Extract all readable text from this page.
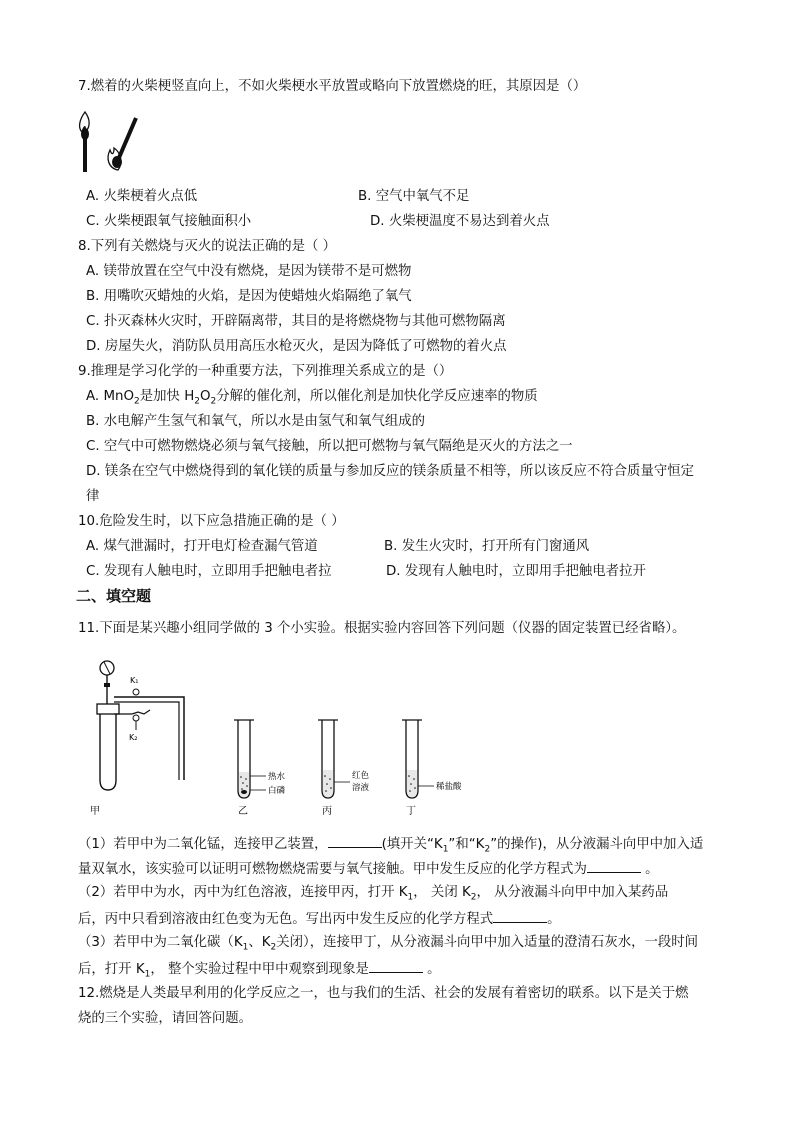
7.燃着的火柴梗竖直向上，不如火柴梗水平放置或略向下放置燃烧的旺，其原因是（）
A. 火柴梗着火点低	B. 空气中氧气不足
C. 火柴梗跟氧气接触面积小	D. 火柴梗温度不易达到着火点
8.下列有关燃烧与灭火的说法正确的是（ ）
A. 镁带放置在空气中没有燃烧，是因为镁带不是可燃物
B. 用嘴吹灭蜡烛的火焰，是因为使蜡烛火焰隔绝了氧气
C. 扑灭森林火灾时，开辟隔离带，其目的是将燃烧物与其他可燃物隔离
D. 房屋失火，消防队员用高压水枪灭火，是因为降低了可燃物的着火点
9.推理是学习化学的一种重要方法，下列推理关系成立的是（）
A. MnO$_2$是加快 $H_2O_2$分解的催化剂，所以催化剂是加快化学反应速率的物质
B. 水电解产生氢气和氧气，所以水是由氢气和氧气组成的
C. 空气中可燃物燃烧必须与氧气接触，所以把可燃物与氧气隔绝是灭火的方法之一
D. 镁条在空气中燃烧得到的氧化镁的质量与参加反应的镁条质量不相等，所以该反应不符合质量守恒定
律
10.危险发生时，以下应急措施正确的是（ ）
A. 煤气泄漏时，打开电灯检查漏气管道	B. 发生火灾时，打开所有门窗通风
C. 发现有人触电时，立即用手把触电者拉	D. 发现有人触电时，立即用手把触电者拉开
二、填空题
11.下面是某兴趣小组同学做的 3 个小实验。根据实验内容回答下列问题（仪器的固定装置已经省略）。
K₁
K₂
甲
热水
白磷
乙
红色
溶液
丙
稀盐酸
丁
（1）若甲中为二氧化锰，连接甲乙装置，	(填开关“$K_1$”和“$K_2$”的操作)，从分液漏斗向甲中加入适
量双氧水，该实验可以证明可燃物燃烧需要与氧气接触。甲中发生反应的化学方程式为	。
（2）若甲中为水，丙中为红色溶液，连接甲丙，打开 $K_1$， 关闭 $K_2$， 从分液漏斗向甲中加入某药品
后，丙中只看到溶液由红色变为无色。写出丙中发生反应的化学方程式	。
（3）若甲中为二氧化碳（$K_1$、$K_2$关闭），连接甲丁，从分液漏斗向甲中加入适量的澄清石灰水，一段时间
后，打开 $K_1$， 整个实验过程中甲中观察到现象是	。
12.燃烧是人类最早利用的化学反应之一，也与我们的生活、社会的发展有着密切的联系。以下是关于燃
烧的三个实验，请回答问题。
